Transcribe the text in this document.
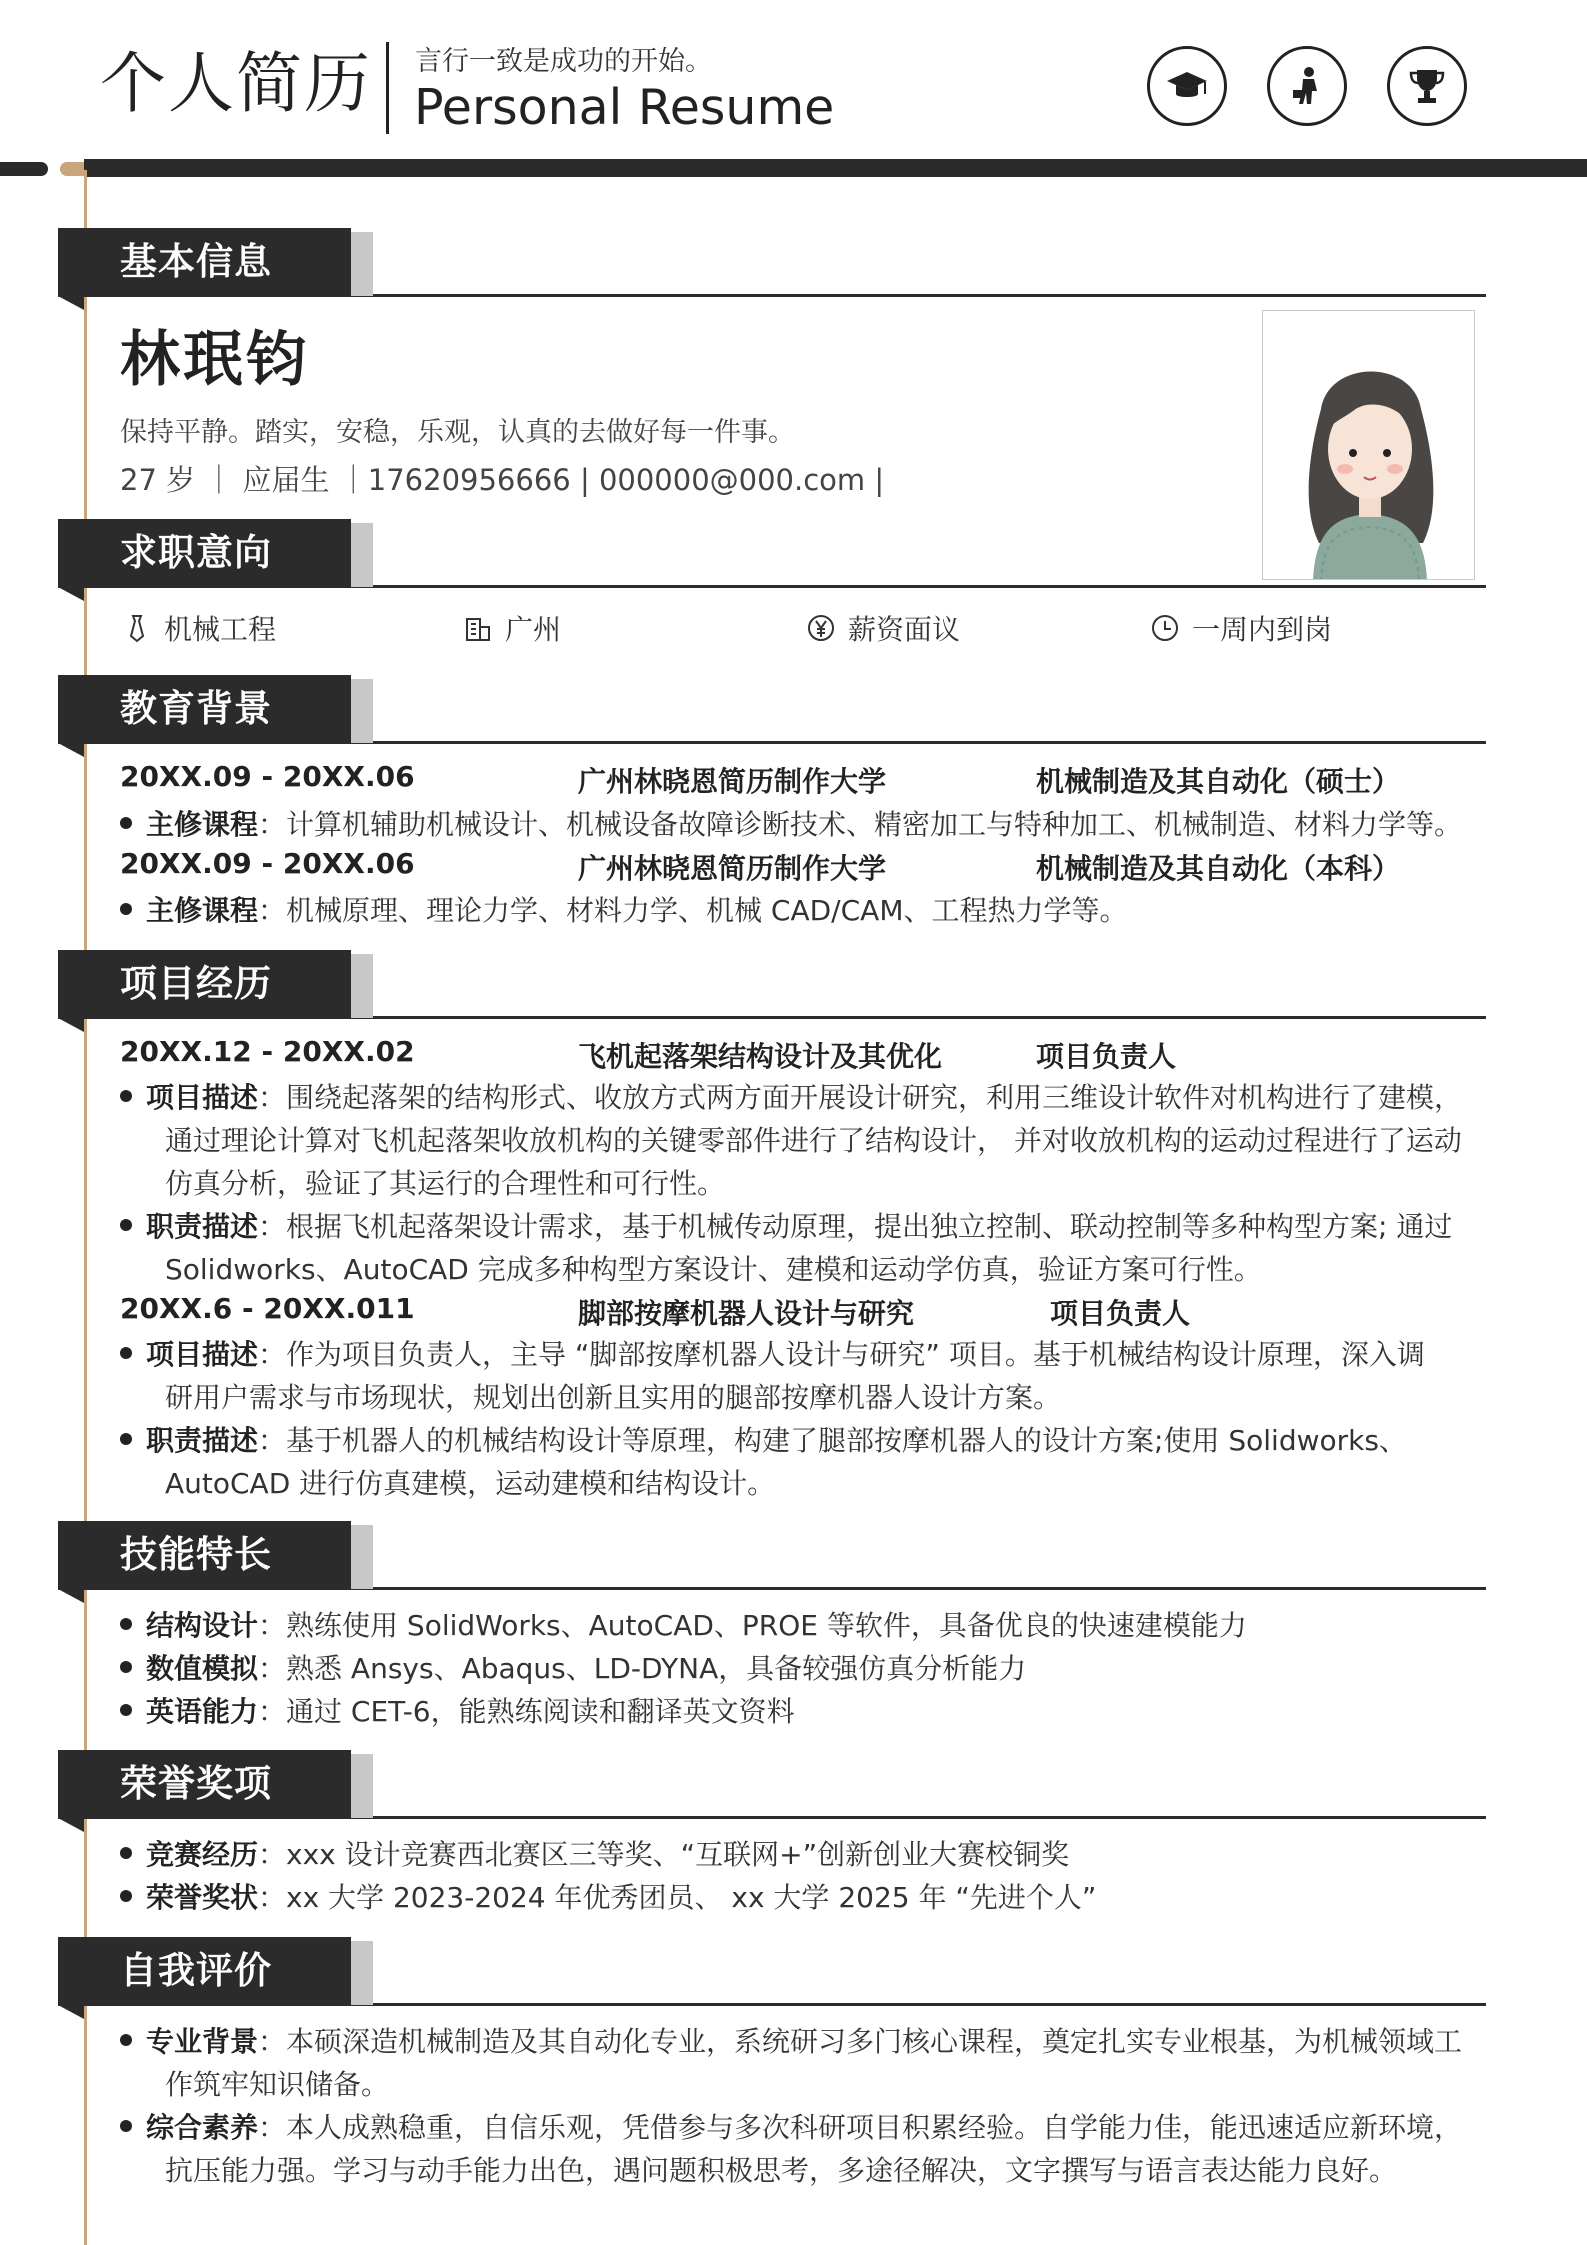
个人简历 言行一致是成功的开始。
Personal Resume
基本信息
林珉钧
保持平静。踏实，安稳，乐观，认真的去做好每一件事。
27 岁 ｜ 应届生 ｜17620956666 | 000000@000.com |
求职意向
机械工程	广州	薪资面议	一周内到岗
教育背景
20XX.09 - 20XX.06	广州林晓恩简历制作大学	机械制造及其自动化（硕士）
主修课程：计算机辅助机械设计、机械设备故障诊断技术、精密加工与特种加工、机械制造、材料力学等。
20XX.09 - 20XX.06	广州林晓恩简历制作大学	机械制造及其自动化（本科）
主修课程：机械原理、理论力学、材料力学、机械 CAD/CAM、工程热力学等。
项目经历
20XX.12 - 20XX.02	飞机起落架结构设计及其优化	项目负责人
项目描述：围绕起落架的结构形式、收放方式两方面开展设计研究，利用三维设计软件对机构进行了建模，
通过理论计算对飞机起落架收放机构的关键零部件进行了结构设计， 并对收放机构的运动过程进行了运动
仿真分析，验证了其运行的合理性和可行性。
职责描述：根据飞机起落架设计需求，基于机械传动原理，提出独立控制、联动控制等多种构型方案; 通过
Solidworks、AutoCAD 完成多种构型方案设计、建模和运动学仿真，验证方案可行性。
20XX.6 - 20XX.011	脚部按摩机器人设计与研究	项目负责人
项目描述：作为项目负责人，主导 “脚部按摩机器人设计与研究” 项目。基于机械结构设计原理，深入调
研用户需求与市场现状，规划出创新且实用的腿部按摩机器人设计方案。
职责描述：基于机器人的机械结构设计等原理，构建了腿部按摩机器人的设计方案;使用 Solidworks、
AutoCAD 进行仿真建模，运动建模和结构设计。
技能特长
结构设计：熟练使用 SolidWorks、AutoCAD、PROE 等软件，具备优良的快速建模能力
数值模拟：熟悉 Ansys、Abaqus、LD-DYNA，具备较强仿真分析能力
英语能力：通过 CET-6，能熟练阅读和翻译英文资料
荣誉奖项
竞赛经历：xxx 设计竞赛西北赛区三等奖、“互联网+”创新创业大赛校铜奖
荣誉奖状：xx 大学 2023-2024 年优秀团员、 xx 大学 2025 年 “先进个人”
自我评价
专业背景：本硕深造机械制造及其自动化专业，系统研习多门核心课程，奠定扎实专业根基，为机械领域工
作筑牢知识储备。
综合素养：本人成熟稳重，自信乐观，凭借参与多次科研项目积累经验。自学能力佳，能迅速适应新环境，
抗压能力强。学习与动手能力出色，遇问题积极思考，多途径解决，文字撰写与语言表达能力良好。
